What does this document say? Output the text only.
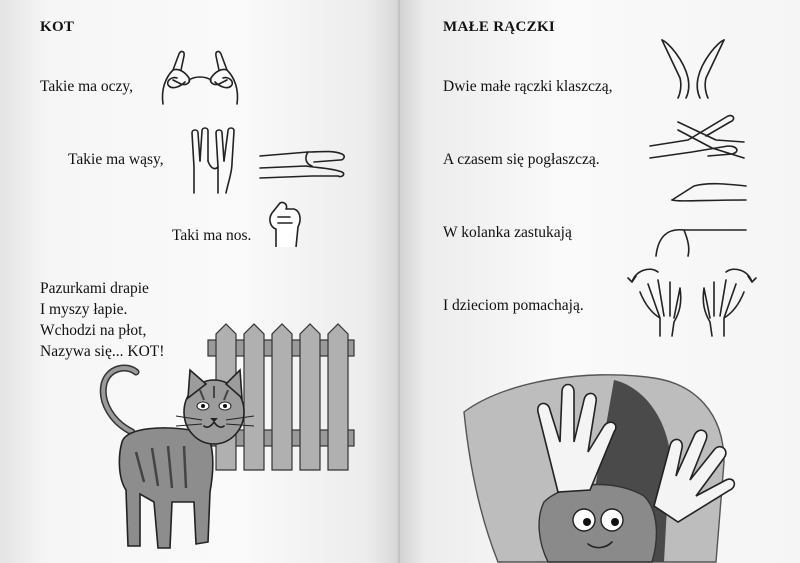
KOT
Takie ma oczy,
Takie ma wąsy,
Taki ma nos.
Pazurkami drapie
I myszy łapie.
Wchodzi na płot,
Nazywa się... KOT!
MAŁE RĄCZKI
Dwie małe rączki klaszczą,
A czasem się pogłaszczą.
W kolanka zastukają
I dzieciom pomachają.
